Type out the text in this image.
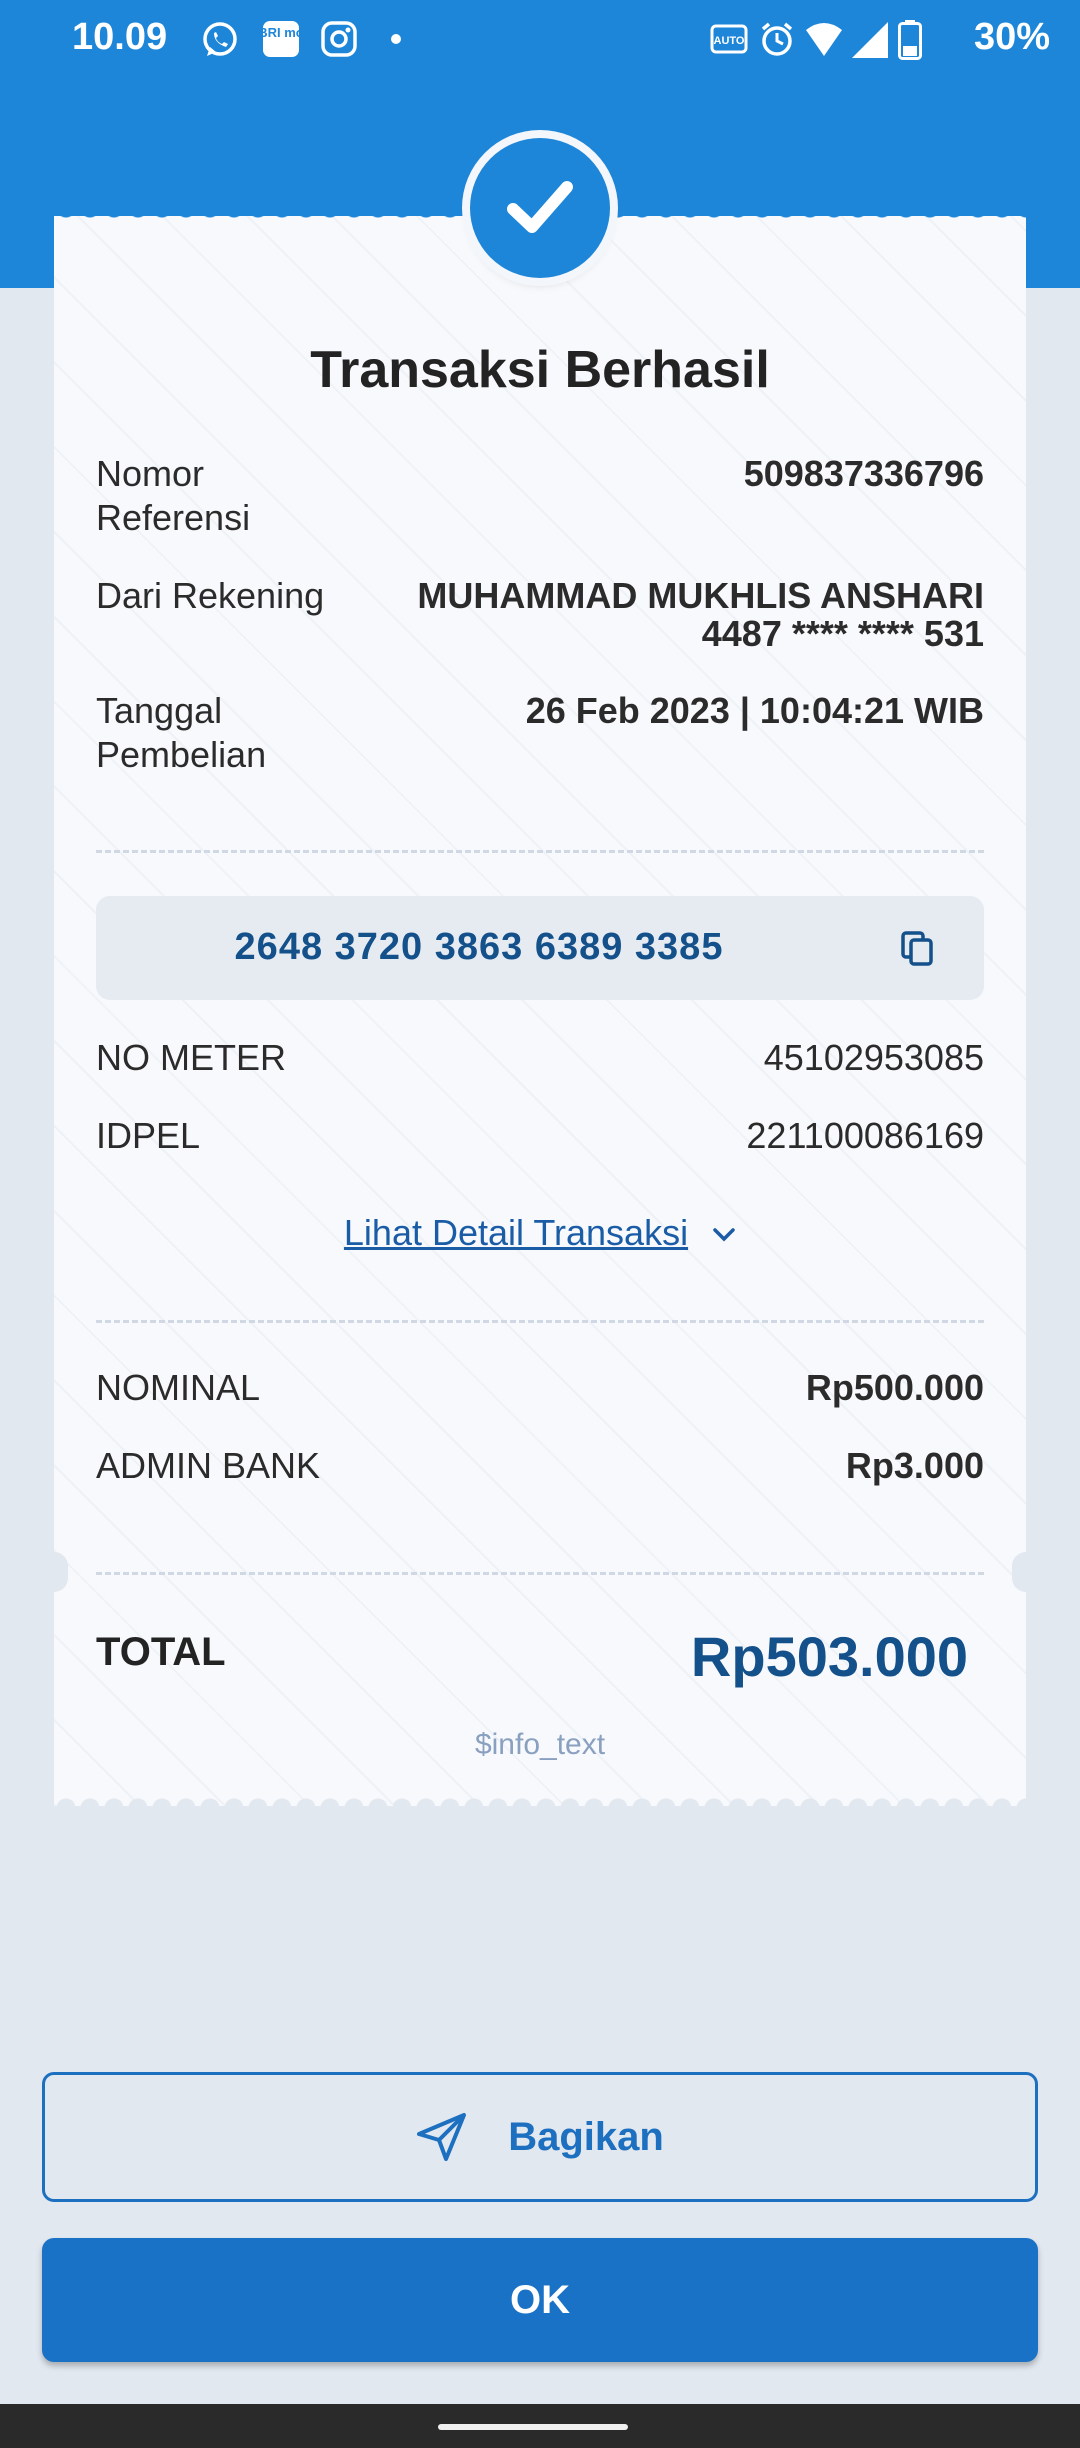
10.09	BRI mo
AUTO	30%
Transaksi Berhasil
Nomor Referensi
509837336796
Dari Rekening	MUHAMMAD MUKHLIS ANSHARI
4487 **** **** 531
Tanggal Pembelian
26 Feb 2023 | 10:04:21 WIB
2648 3720 3863 6389 3385
NO METER	45102953085
IDPEL	221100086169
Lihat Detail Transaksi
NOMINAL	Rp500.000
ADMIN BANK	Rp3.000
TOTAL	Rp503.000
$info_text
Bagikan
OK
